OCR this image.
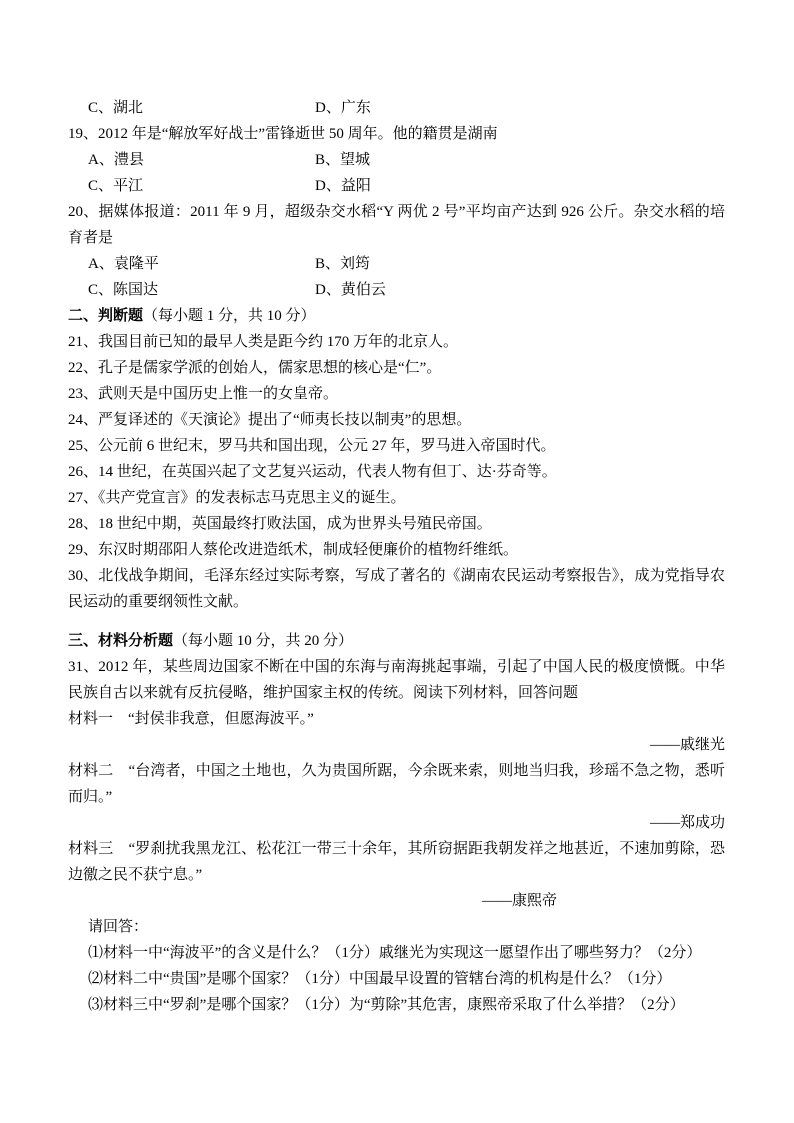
C、湖北	D、广东
19、2012 年是“解放军好战士”雷锋逝世 50 周年。他的籍贯是湖南
A、澧县	B、望城
C、平江	D、益阳
20、据媒体报道：2011 年 9 月，超级杂交水稻“Y 两优 2 号”平均亩产达到 926 公斤。杂交水稻的培育者是
A、袁隆平	B、刘筠
C、陈国达	D、黄伯云
二、判断题（每小题 1 分，共 10 分）
21、我国目前已知的最早人类是距今约 170 万年的北京人。
22、孔子是儒家学派的创始人，儒家思想的核心是“仁”。
23、武则天是中国历史上惟一的女皇帝。
24、严复译述的《天演论》提出了“师夷长技以制夷”的思想。
25、公元前 6 世纪末，罗马共和国出现，公元 27 年，罗马进入帝国时代。
26、14 世纪，在英国兴起了文艺复兴运动，代表人物有但丁、达·芬奇等。
27、《共产党宣言》的发表标志马克思主义的诞生。
28、18 世纪中期，英国最终打败法国，成为世界头号殖民帝国。
29、东汉时期邵阳人蔡伦改进造纸术，制成轻便廉价的植物纤维纸。
30、北伐战争期间，毛泽东经过实际考察，写成了著名的《湖南农民运动考察报告》，成为党指导农民运动的重要纲领性文献。
三、材料分析题（每小题 10 分，共 20 分）
31、2012 年，某些周边国家不断在中国的东海与南海挑起事端，引起了中国人民的极度愤慨。中华民族自古以来就有反抗侵略，维护国家主权的传统。阅读下列材料，回答问题
材料一　“封侯非我意，但愿海波平。”
——戚继光
材料二　“台湾者，中国之土地也，久为贵国所踞，今余既来索，则地当归我，珍瑶不急之物，悉听而归。”
——郑成功
材料三　“罗刹扰我黑龙江、松花江一带三十余年，其所窃据距我朝发祥之地甚近，不速加剪除，恐边徼之民不获宁息。”
——康熙帝
请回答：
⑴材料一中“海波平”的含义是什么？（1分）戚继光为实现这一愿望作出了哪些努力？（2分）
⑵材料二中“贵国”是哪个国家？（1分）中国最早设置的管辖台湾的机构是什么？（1分）
⑶材料三中“罗刹”是哪个国家？（1分）为“剪除”其危害，康熙帝采取了什么举措？（2分）
